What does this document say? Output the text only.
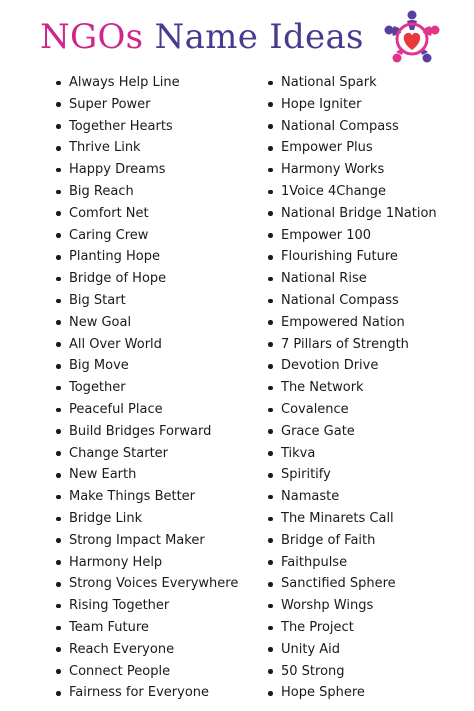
NGOs Name Ideas
Always Help Line
Super Power
Together Hearts
Thrive Link
Happy Dreams
Big Reach
Comfort Net
Caring Crew
Planting Hope
Bridge of Hope
Big Start
New Goal
All Over World
Big Move
Together
Peaceful Place
Build Bridges Forward
Change Starter
New Earth
Make Things Better
Bridge Link
Strong Impact Maker
Harmony Help
Strong Voices Everywhere
Rising Together
Team Future
Reach Everyone
Connect People
Fairness for Everyone
National Spark
Hope Igniter
National Compass
Empower Plus
Harmony Works
1Voice 4Change
National Bridge 1Nation
Empower 100
Flourishing Future
National Rise
National Compass
Empowered Nation
7 Pillars of Strength
Devotion Drive
The Network
Covalence
Grace Gate
Tikva
Spiritify
Namaste
The Minarets Call
Bridge of Faith
Faithpulse
Sanctified Sphere
Worshp Wings
The Project
Unity Aid
50 Strong
Hope Sphere
